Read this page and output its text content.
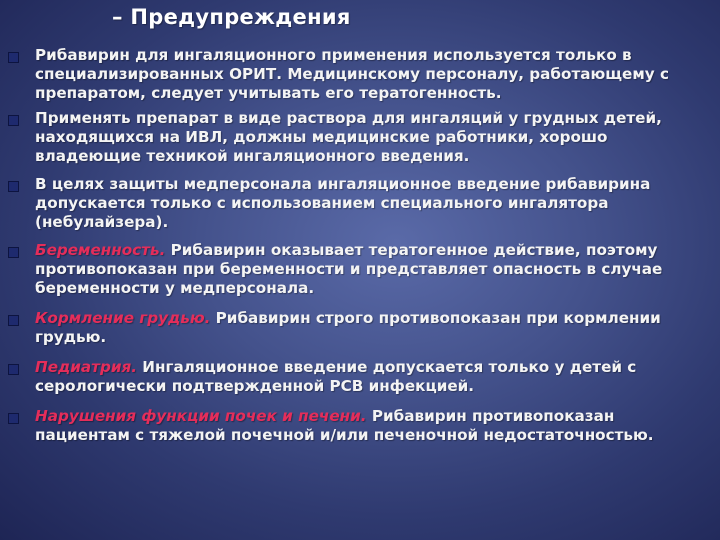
– Предупреждения
Рибавирин для ингаляционного применения используется только в специализированных ОРИТ. Медицинскому персоналу, работающему с препаратом, следует учитывать его тератогенность.
Применять препарат в виде раствора для ингаляций у грудных детей, находящихся на ИВЛ, должны медицинские работники, хорошо владеющие техникой ингаляционного введения.
В целях защиты медперсонала ингаляционное введение рибавирина допускается только с использованием специального ингалятора (небулайзера).
Беременность. Рибавирин оказывает тератогенное действие, поэтому противопоказан при беременности и представляет опасность в случае беременности у медперсонала.
Кормление грудью. Рибавирин строго противопоказан при кормлении грудью.
Педиатрия. Ингаляционное введение допускается только у детей с серологически подтвержденной РСВ инфекцией.
Нарушения функции почек и печени. Рибавирин противопоказан пациентам с тяжелой почечной и/или печеночной недостаточностью.
